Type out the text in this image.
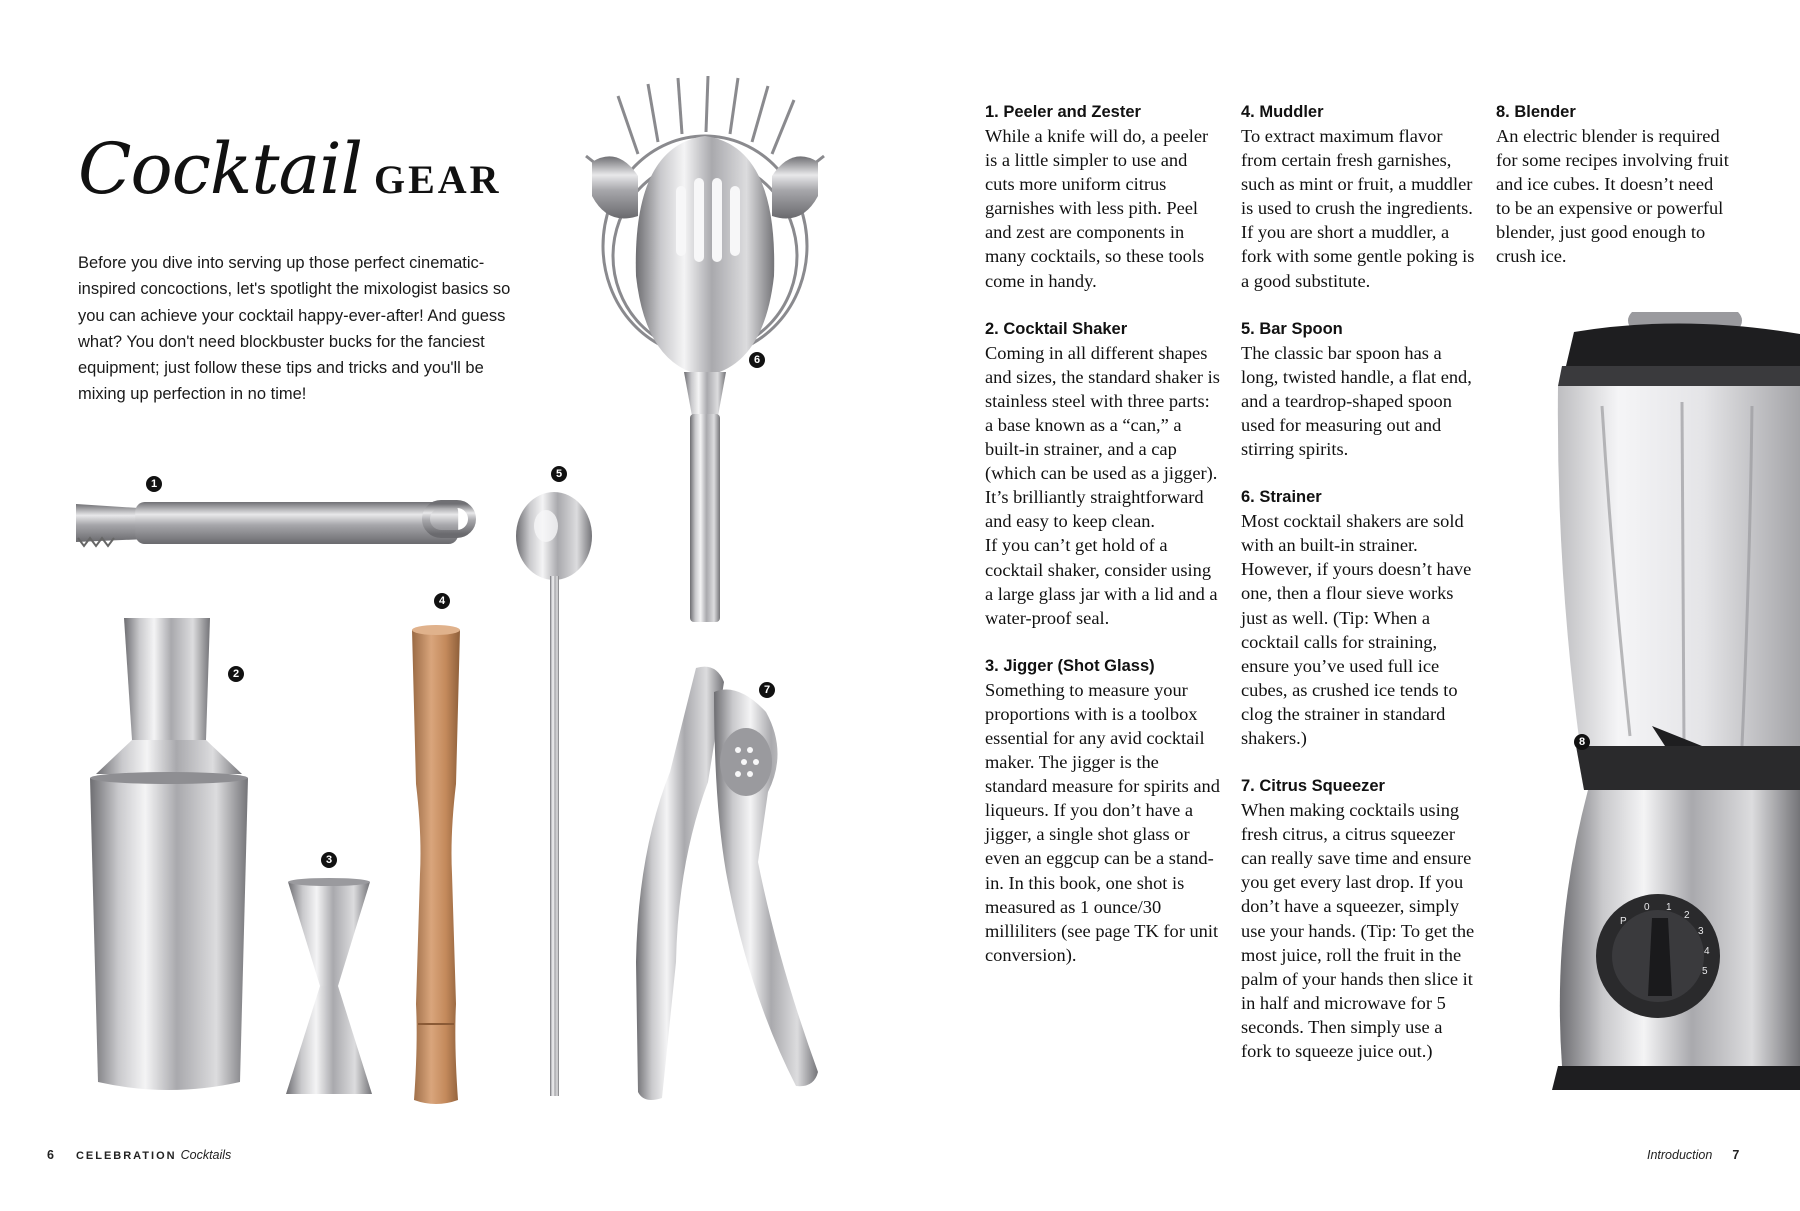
Cocktail GEAR

Before you dive into serving up those perfect cinematic-inspired concoctions, let's spotlight the mixologist basics so you can achieve your cocktail happy-ever-after! And guess what? You don't need blockbuster bucks for the fanciest equipment; just follow these tips and tricks and you'll be mixing up perfection in no time!

1
2
3
4
5
6
7
6 CELEBRATION Cocktails
1. Peeler and Zester

While a knife will do, a peeler is a little simpler to use and cuts more uniform citrus garnishes with less pith. Peel and zest are components in many cocktails, so these tools come in handy.

2. Cocktail Shaker

Coming in all different shapes and sizes, the standard shaker is stainless steel with three parts: a base known as a “can,” a built-in strainer, and a cap (which can be used as a jigger). It’s brilliantly straightforward and easy to keep clean.

If you can’t get hold of a cocktail shaker, consider using a large glass jar with a lid and a water-proof seal.

3. Jigger (Shot Glass)

Something to measure your proportions with is a toolbox essential for any avid cocktail maker. The jigger is the standard measure for spirits and liqueurs. If you don’t have a jigger, a single shot glass or even an eggcup can be a stand-in. In this book, one shot is measured as 1 ounce/30 milliliters (see page TK for unit conversion).

4. Muddler

To extract maximum flavor from certain fresh garnishes, such as mint or fruit, a muddler is used to crush the ingredients. If you are short a muddler, a fork with some gentle poking is a good substitute.

5. Bar Spoon

The classic bar spoon has a long, twisted handle, a flat end, and a teardrop-shaped spoon used for measuring out and stirring spirits.

6. Strainer

Most cocktail shakers are sold with an built-in strainer. However, if yours doesn’t have one, then a flour sieve works just as well. (Tip: When a cocktail calls for straining, ensure you’ve used full ice cubes, as crushed ice tends to clog the strainer in standard shakers.)

7. Citrus Squeezer

When making cocktails using fresh citrus, a citrus squeezer can really save time and ensure you get every last drop. If you don’t have a squeezer, simply use your hands. (Tip: To get the most juice, roll the fruit in the palm of your hands then slice it in half and microwave for 5 seconds. Then simply use a fork to squeeze juice out.)

8. Blender

An electric blender is required for some recipes involving fruit and ice cubes. It doesn’t need to be an expensive or powerful blender, just good enough to crush ice.

P
0 1
2
3
4
5
8
Introduction 7
